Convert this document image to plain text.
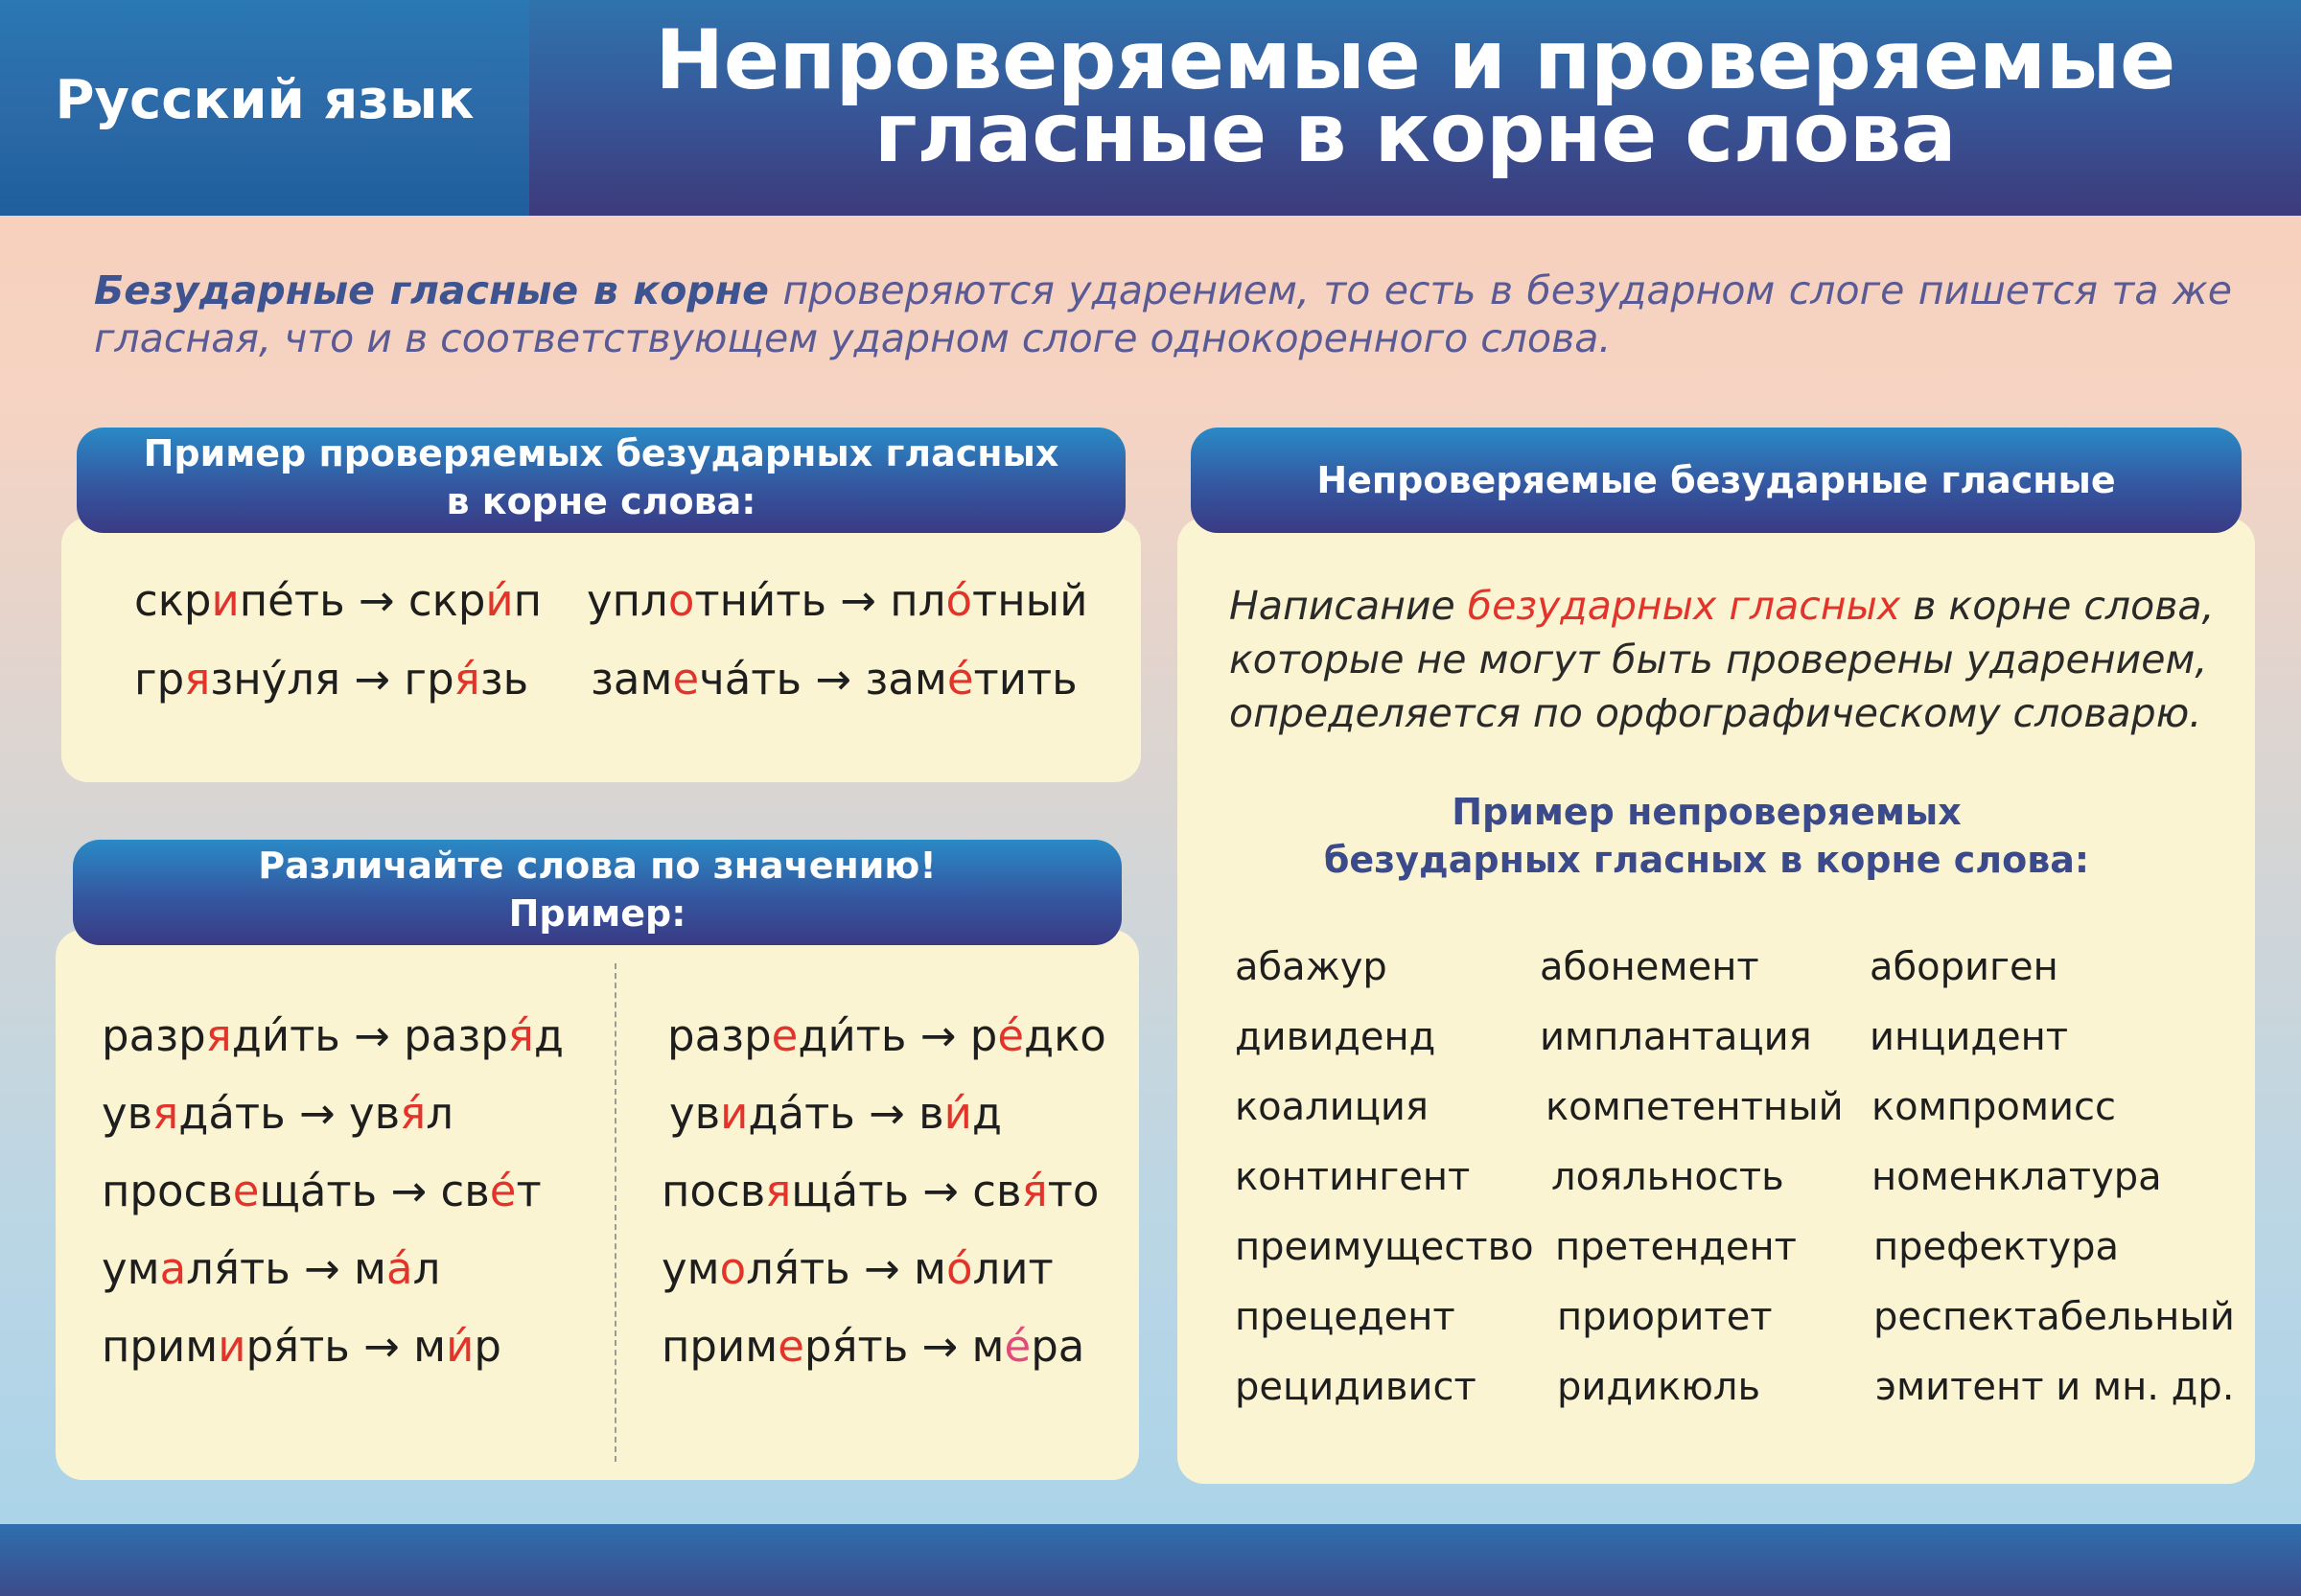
Русский язык	Непроверяемые и проверяемые
гласные в корне слова
Безударные гласные в корне проверяются ударением, то есть в безударном слоге пишется та же гласная, что и в соответствующем ударном слоге однокоренного слова.
Пример проверяемых безударных гласных
в корне слова:
скрипéть → скри́п уплотни́ть → пло́тный
грязну́ля → гря́зь замеча́ть → заме́тить
Различайте слова по значению!
Пример:
разряди́ть → разря́д
увяда́ть → увя́л
просвеща́ть → све́т
умаля́ть → ма́л
примиря́ть → ми́р
разреди́ть → ре́дко
увида́ть → ви́д
посвяща́ть → свя́то
умоля́ть → мо́лит
примеря́ть → ме́ра
Непроверяемые безударные гласные
Написание безударных гласных в корне слова, которые не могут быть проверены ударением, определяется по орфографическому словарю.
Пример непроверяемых
безударных гласных в корне слова:
абажур
дивиденд
коалиция
контингент
преимущество
прецедент
рецидивист
абонемент
имплантация
компетентный
лояльность
претендент
приоритет
ридикюль
абориген
инцидент
компромисс
номенклатура
префектура
респектабельный
эмитент и мн. др.
